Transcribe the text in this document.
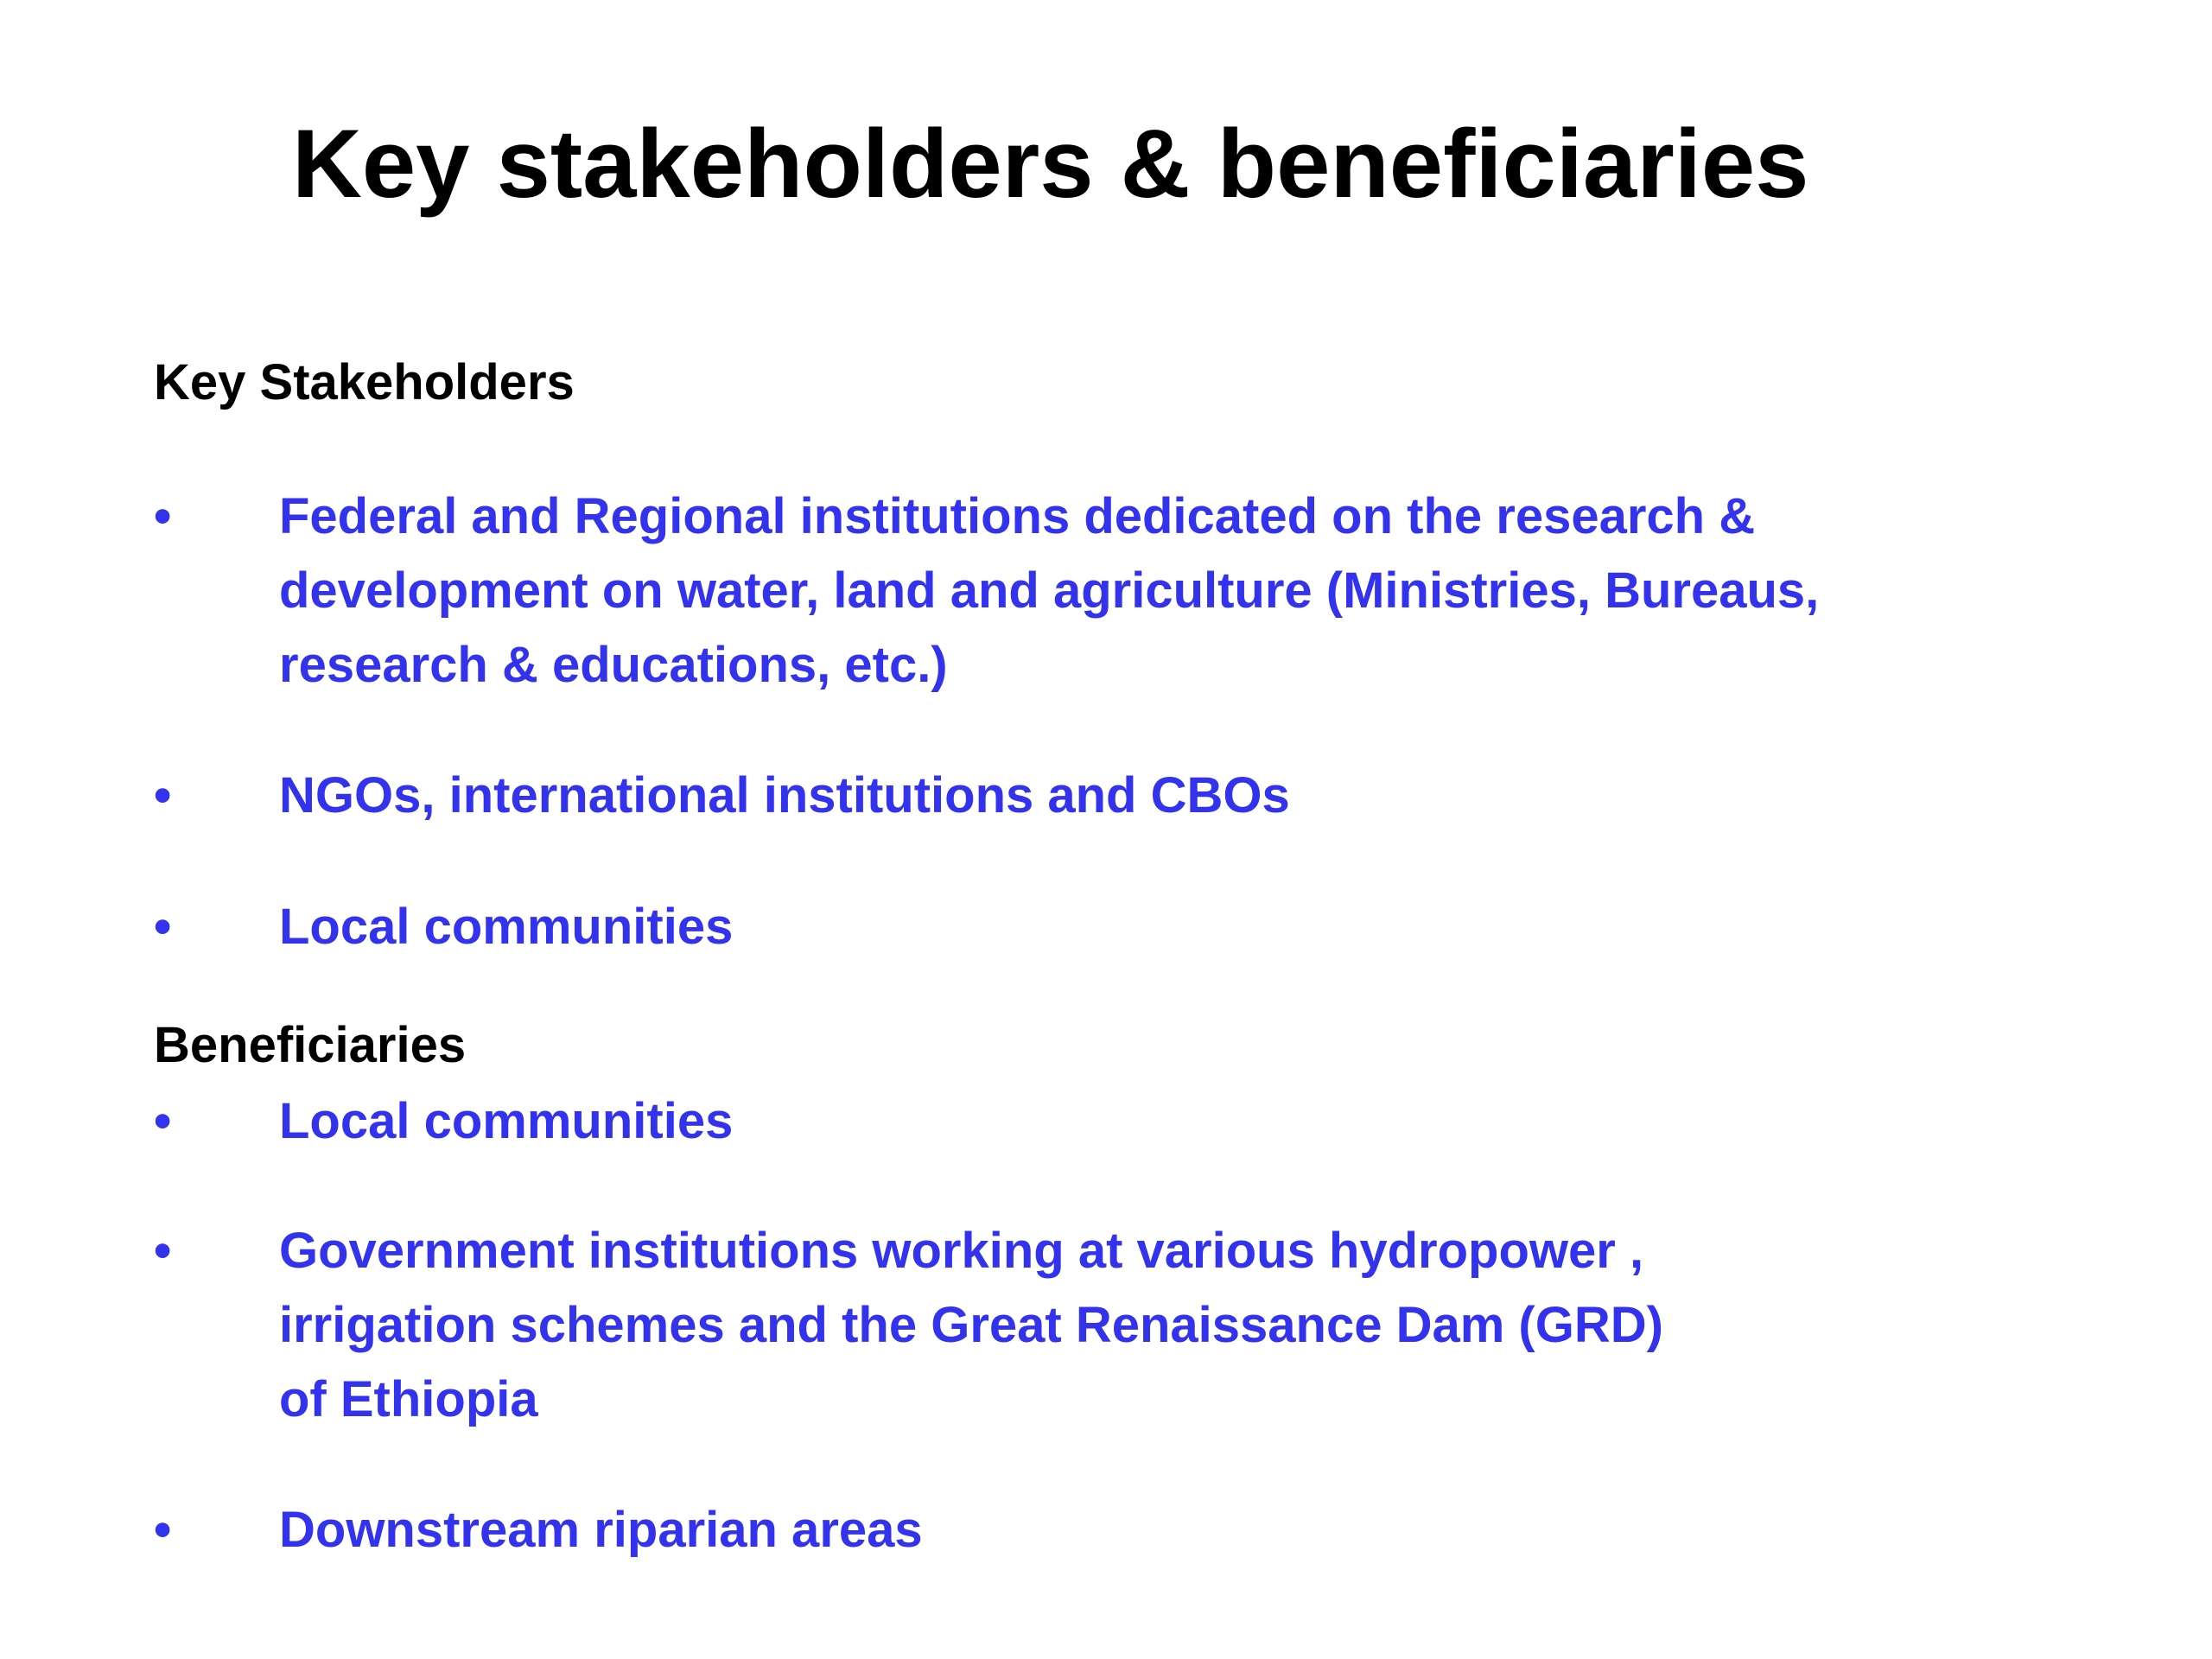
Key stakeholders & beneficiaries
Key Stakeholders
•	Federal and Regional institutions dedicated on the research &
development on water, land and agriculture (Ministries, Bureaus,
research & educations, etc.)
•	NGOs, international institutions and CBOs
•	Local communities
Beneficiaries
•	Local communities
•	Government institutions working at various hydropower ,
irrigation schemes and the Great Renaissance Dam (GRD)
of Ethiopia
•	Downstream riparian areas
